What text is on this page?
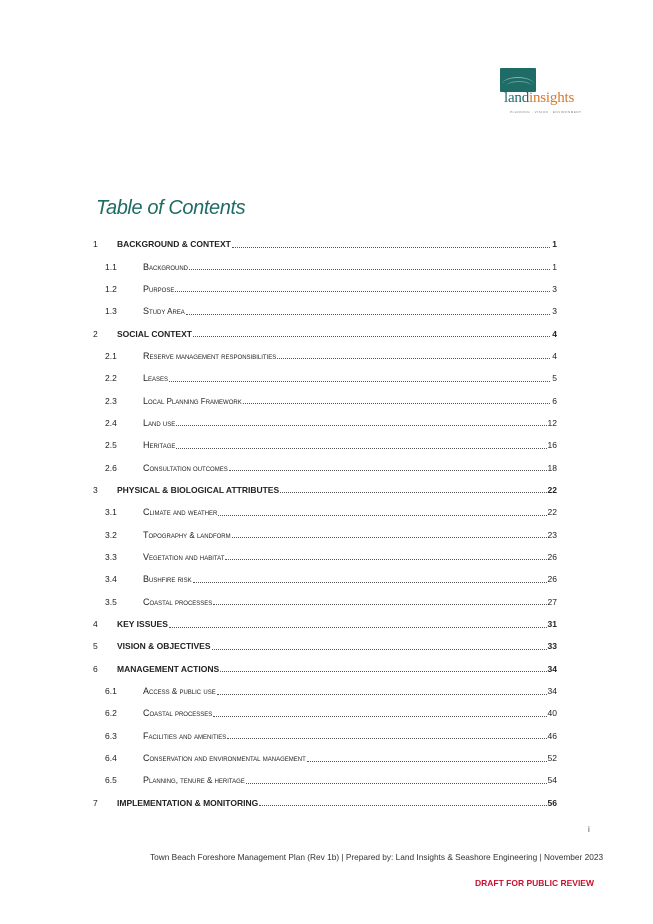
landinsights
PLANNING · VISION · ENVIRONMENT
Table of Contents
1	BACKGROUND & CONTEXT	1
1.1	Background	1
1.2	Purpose	3
1.3	Study Area	3
2	SOCIAL CONTEXT	4
2.1	Reserve management responsibilities	4
2.2	Leases	5
2.3	Local Planning Framework	6
2.4	Land use	12
2.5	Heritage	16
2.6	Consultation outcomes	18
3	PHYSICAL & BIOLOGICAL ATTRIBUTES	22
3.1	Climate and weather	22
3.2	Topography & landform	23
3.3	Vegetation and habitat	26
3.4	Bushfire risk	26
3.5	Coastal processes	27
4	KEY ISSUES	31
5	VISION & OBJECTIVES	33
6	MANAGEMENT ACTIONS	34
6.1	Access & public use	34
6.2	Coastal processes	40
6.3	Facilities and amenities	46
6.4	Conservation and environmental management	52
6.5	Planning, tenure & heritage	54
7	IMPLEMENTATION & MONITORING	56
i
Town Beach Foreshore Management Plan (Rev 1b) | Prepared by: Land Insights & Seashore Engineering | November 2023
DRAFT FOR PUBLIC REVIEW
